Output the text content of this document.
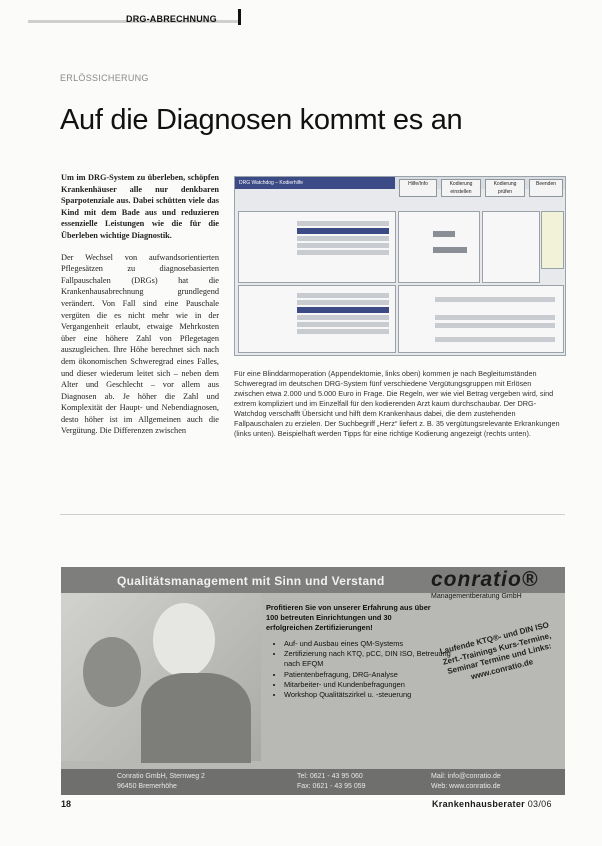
DRG-ABRECHNUNG
ERLÖSSICHERUNG
Auf die Diagnosen kommt es an

Um im DRG-System zu überleben, schöpfen Krankenhäuser alle nur denkbaren Sparpotenziale aus. Dabei schütten viele das Kind mit dem Bade aus und reduzieren essenzielle Leistungen wie die für die Überleben wichtige Diagnostik.

Der Wechsel von aufwandsorientierten Pflegesätzen zu diagnosebasierten Fallpauschalen (DRGs) hat die Krankenhausabrechnung grundlegend verändert. Von Fall sind eine Pauschale vergüten die es nicht mehr wie in der Vergangenheit erlaubt, etwaige Mehrkosten über eine höhere Zahl von Pflegetagen auszugleichen. Ihre Höhe berechnet sich nach dem ökonomischen Schweregrad eines Falles, und dieser wiederum leitet sich – neben dem Alter und Geschlecht – vor allem aus Diagnosen ab. Je höher die Zahl und Komplexität der Haupt- und Nebendiagnosen, desto höher ist im Allgemeinen auch die Vergütung. Die Differenzen zwischen

DRG Watchdog – Kodierhilfe	Hilfe/Info	Kodierung einstellen
Kodierung prüfen
Beenden
Für eine Blinddarmoperation (Appendektomie, links oben) kommen je nach Begleitumständen Schweregrad im deutschen DRG-System fünf verschiedene Vergütungsgruppen mit Erlösen zwischen etwa 2.000 und 5.000 Euro in Frage. Die Regeln, wer wie viel Betrag vergeben wird, sind extrem kompliziert und im Einzelfall für den kodierenden Arzt kaum durchschaubar. Der DRG-Watchdog verschafft Übersicht und hilft dem Krankenhaus dabei, die dem zustehenden Fallpauschalen zu erzielen. Der Suchbegriff „Herz“ liefert z. B. 35 vergütungsrelevante Erkrankungen (links unten). Beispielhaft werden Tipps für eine richtige Kodierung angezeigt (rechts unten).
Qualitätsmanagement mit Sinn und Verstand conratio®
Managementberatung GmbH
Profitieren Sie von unserer Erfahrung aus über 100 betreuten Einrichtungen und 30 erfolgreichen Zertifizierungen!
• Auf- und Ausbau eines QM-Systems
• Zertifizierung nach KTQ, pCC, DIN ISO, Betreuung nach EFQM
• Patientenbefragung, DRG-Analyse
• Mitarbeiter- und Kundenbefragungen
• Workshop Qualitätszirkel u. -steuerung
Laufende KTQ®- und DIN ISO Zert.-Trainings Kurs-Termine, Seminar Termine und Links: www.conratio.de
Conratio GmbH, Sternweg 2
96450 Bremerhöhe
Tel: 0621 - 43 95 060
Fax: 0621 - 43 95 059
Mail: info@conratio.de
Web: www.conratio.de
18	Krankenhausberater 03/06
